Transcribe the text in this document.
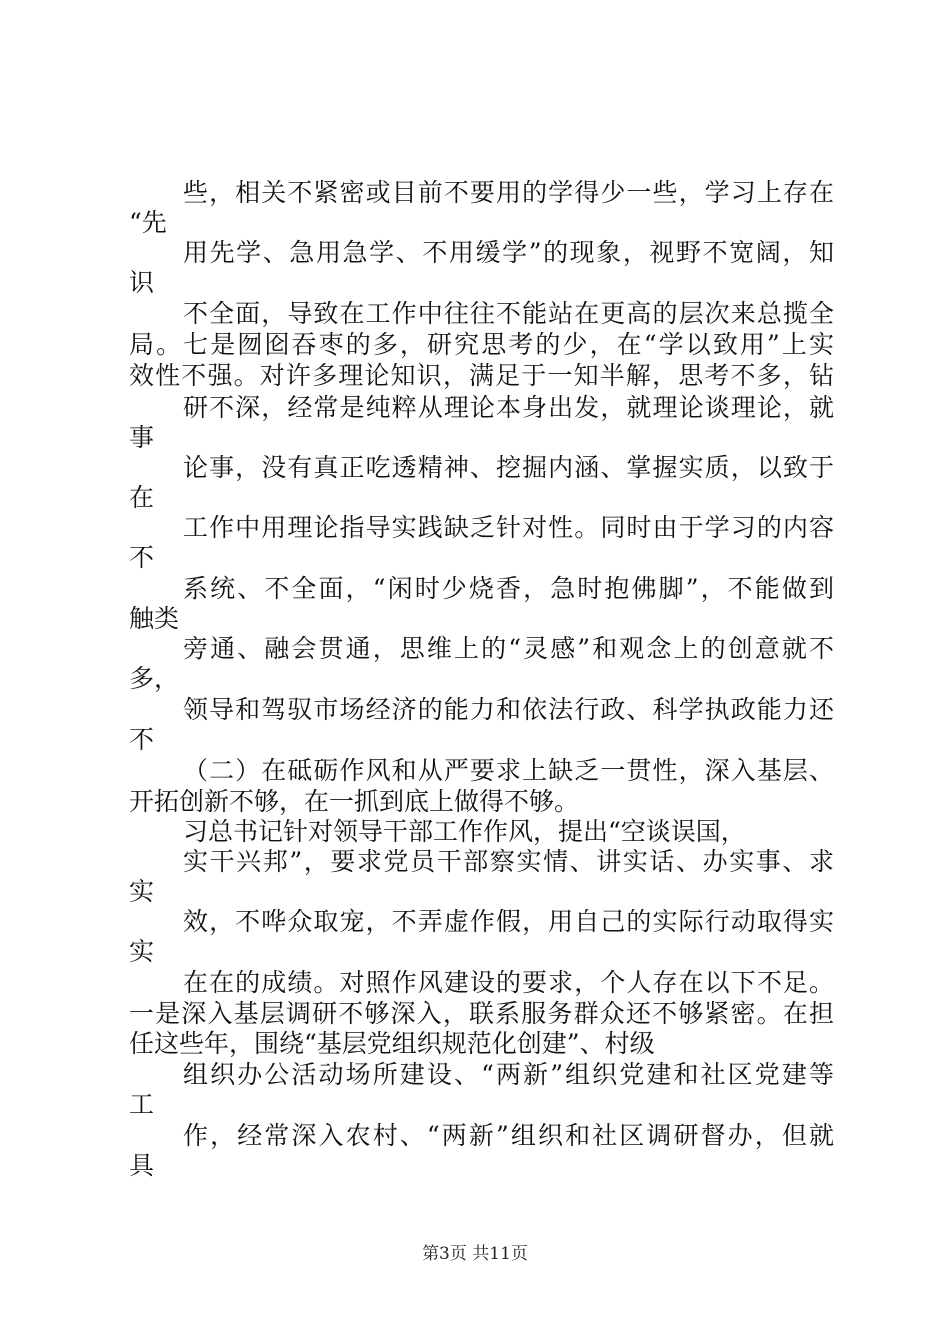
些，相关不紧密或目前不要用的学得少一些，学习上存在
“先
用先学、急用急学、不用缓学”的现象，视野不宽阔，知
识
不全面，导致在工作中往往不能站在更高的层次来总揽全
局。七是囫囵吞枣的多，研究思考的少，在“学以致用”上实
效性不强。对许多理论知识，满足于一知半解，思考不多，钻
研不深，经常是纯粹从理论本身出发，就理论谈理论，就
事
论事，没有真正吃透精神、挖掘内涵、掌握实质，以致于
在
工作中用理论指导实践缺乏针对性。同时由于学习的内容
不
系统、不全面，“闲时少烧香，急时抱佛脚”，不能做到
触类
旁通、融会贯通，思维上的“灵感”和观念上的创意就不
多，
领导和驾驭市场经济的能力和依法行政、科学执政能力还
不
（二）在砥砺作风和从严要求上缺乏一贯性，深入基层、
开拓创新不够，在一抓到底上做得不够。
习总书记针对领导干部工作作风，提出“空谈误国，
实干兴邦”，要求党员干部察实情、讲实话、办实事、求
实
效，不哗众取宠，不弄虚作假，用自己的实际行动取得实
实
在在的成绩。对照作风建设的要求，个人存在以下不足。
一是深入基层调研不够深入，联系服务群众还不够紧密。在担
任这些年，围绕“基层党组织规范化创建”、村级
组织办公活动场所建设、“两新”组织党建和社区党建等
工
作，经常深入农村、“两新”组织和社区调研督办，但就
具
第3页 共11页
